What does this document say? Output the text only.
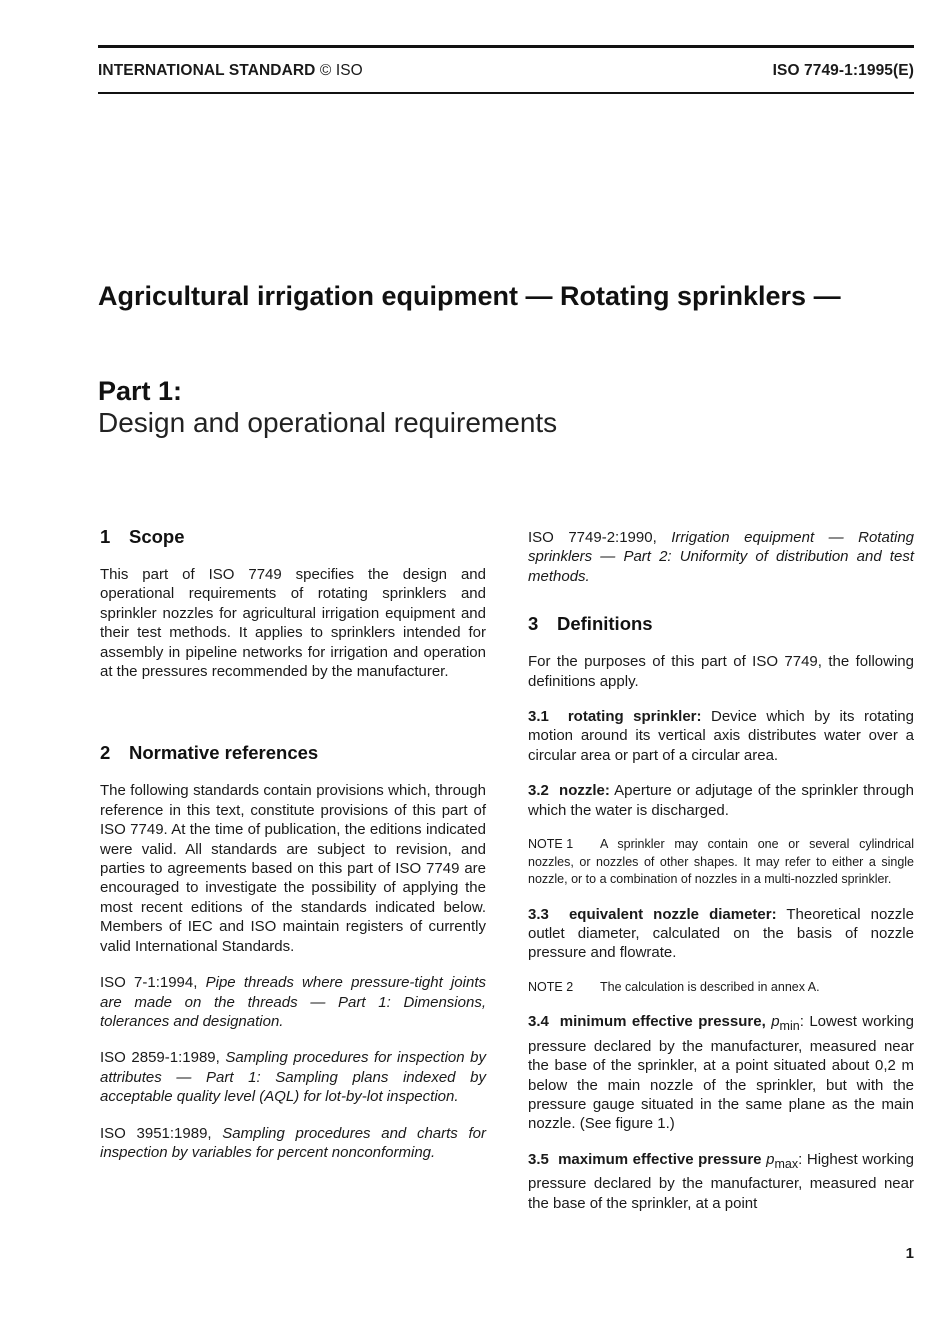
INTERNATIONAL STANDARD © ISO	ISO 7749-1:1995(E)
Agricultural irrigation equipment — Rotating sprinklers —
Part 1:
Design and operational requirements
1 Scope

This part of ISO 7749 specifies the design and operational requirements of rotating sprinklers and sprinkler nozzles for agricultural irrigation equipment and their test methods. It applies to sprinklers intended for assembly in pipeline networks for irrigation and operation at the pressures recommended by the manufacturer.

2 Normative references

The following standards contain provisions which, through reference in this text, constitute provisions of this part of ISO 7749. At the time of publication, the editions indicated were valid. All standards are subject to revision, and parties to agreements based on this part of ISO 7749 are encouraged to investigate the possibility of applying the most recent editions of the standards indicated below. Members of IEC and ISO maintain registers of currently valid International Standards.

ISO 7-1:1994, Pipe threads where pressure-tight joints are made on the threads — Part 1: Dimensions, tolerances and designation.

ISO 2859-1:1989, Sampling procedures for inspection by attributes — Part 1: Sampling plans indexed by acceptable quality level (AQL) for lot-by-lot inspection.

ISO 3951:1989, Sampling procedures and charts for inspection by variables for percent nonconforming.

ISO 7749-2:1990, Irrigation equipment — Rotating sprinklers — Part 2: Uniformity of distribution and test methods.

3 Definitions

For the purposes of this part of ISO 7749, the following definitions apply.

3.1 rotating sprinkler: Device which by its rotating motion around its vertical axis distributes water over a circular area or part of a circular area.

3.2 nozzle: Aperture or adjutage of the sprinkler through which the water is discharged.

NOTE 1 A sprinkler may contain one or several cylindrical nozzles, or nozzles of other shapes. It may refer to either a single nozzle, or to a combination of nozzles in a multi-nozzled sprinkler.

3.3 equivalent nozzle diameter: Theoretical nozzle outlet diameter, calculated on the basis of nozzle pressure and flowrate.

NOTE 2 The calculation is described in annex A.

3.4 minimum effective pressure, $p_{min}$: Lowest working pressure declared by the manufacturer, measured near the base of the sprinkler, at a point situated about 0,2 m below the main nozzle of the sprinkler, but with the pressure gauge situated in the same plane as the main nozzle. (See figure 1.)

3.5 maximum effective pressure $p_{max}$: Highest working pressure declared by the manufacturer, measured near the base of the sprinkler, at a point

1
